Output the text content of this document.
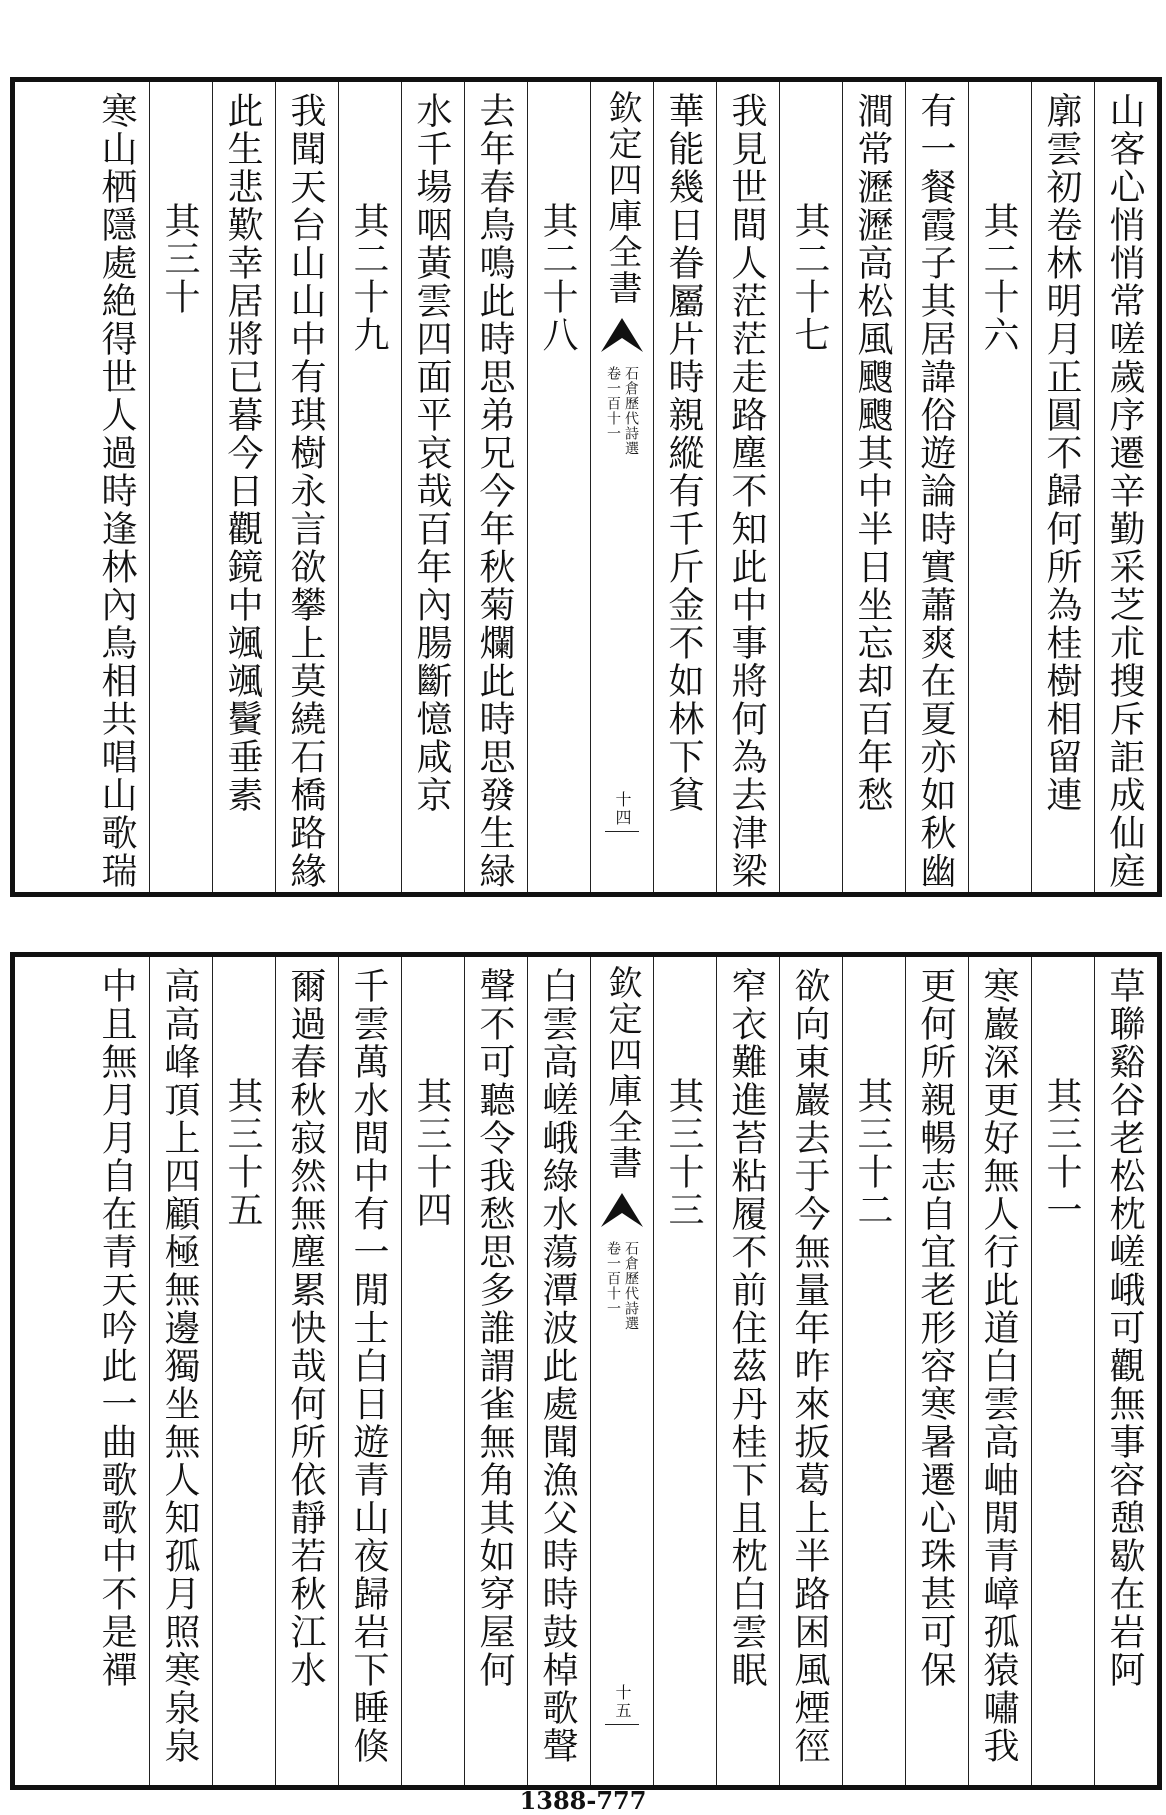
山客心悄悄常嗟歲序遷辛勤采芝朮搜斥詎成仙庭
廓雲初卷林明月正圓不歸何所為桂樹相留連
其二十六
有一餐霞子其居諱俗遊論時實蕭爽在夏亦如秋幽
澗常瀝瀝高松風颼颼其中半日坐忘却百年愁
其二十七
我見世間人茫茫走路塵不知此中事將何為去津梁
華能幾日眷屬片時親縱有千斤金不如林下貧
欽定四庫全書
石倉歷代詩選
卷一百十一
十四
其二十八
去年春鳥鳴此時思弟兄今年秋菊爛此時思發生緑
水千場咽黃雲四面平哀哉百年內腸斷憶咸京
其二十九
我聞天台山山中有琪樹永言欲攀上莫繞石橋路緣
此生悲歎幸居將已暮今日觀鏡中颯颯鬢垂素
其三十
寒山栖隱處絶得世人過時逢林內鳥相共唱山歌瑞
草聯谿谷老松枕嵯峨可觀無事容憩歇在岩阿
其三十一
寒巖深更好無人行此道白雲高岫閒青嶂孤猿嘯我
更何所親暢志自宜老形容寒暑遷心珠甚可保
其三十二
欲向東巖去于今無量年昨來扳葛上半路困風煙徑
窄衣難進苔粘履不前住茲丹桂下且枕白雲眠
其三十三
欽定四庫全書
石倉歷代詩選
卷一百十一
十五
白雲高嵯峨綠水蕩潭波此處聞漁父時時鼓棹歌聲
聲不可聽令我愁思多誰謂雀無角其如穿屋何
其三十四
千雲萬水間中有一閒士白日遊青山夜歸岩下睡倏
爾過春秋寂然無塵累快哉何所依靜若秋江水
其三十五
高高峰頂上四顧極無邊獨坐無人知孤月照寒泉泉
中且無月月自在青天吟此一曲歌歌中不是禪
1388-777
